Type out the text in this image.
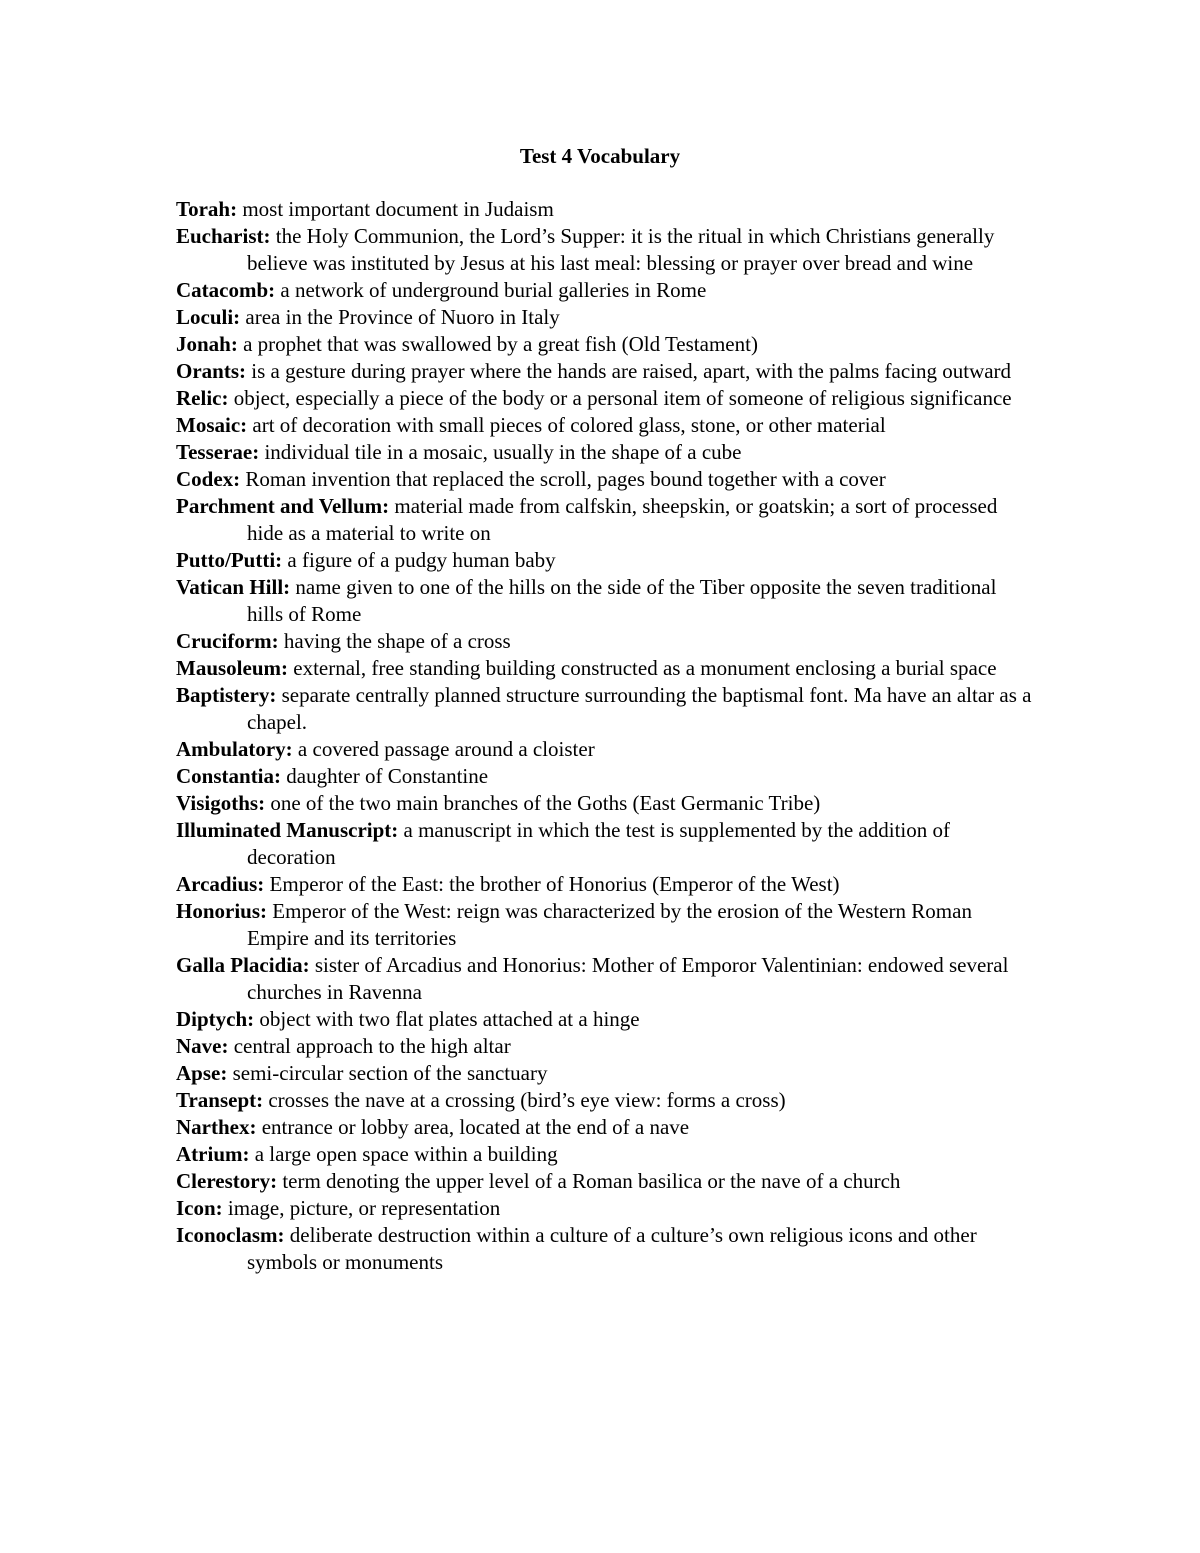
Test 4 Vocabulary
Torah: most important document in Judaism
Eucharist: the Holy Communion, the Lord’s Supper: it is the ritual in which Christians generally believe was instituted by Jesus at his last meal: blessing or prayer over bread and wine
Catacomb: a network of underground burial galleries in Rome
Loculi: area in the Province of Nuoro in Italy
Jonah: a prophet that was swallowed by a great fish (Old Testament)
Orants: is a gesture during prayer where the hands are raised, apart, with the palms facing outward
Relic: object, especially a piece of the body or a personal item of someone of religious significance
Mosaic: art of decoration with small pieces of colored glass, stone, or other material
Tesserae: individual tile in a mosaic, usually in the shape of a cube
Codex: Roman invention that replaced the scroll, pages bound together with a cover
Parchment and Vellum: material made from calfskin, sheepskin, or goatskin; a sort of processed hide as a material to write on
Putto/Putti: a figure of a pudgy human baby
Vatican Hill: name given to one of the hills on the side of the Tiber opposite the seven traditional hills of Rome
Cruciform: having the shape of a cross
Mausoleum: external, free standing building constructed as a monument enclosing a burial space
Baptistery: separate centrally planned structure surrounding the baptismal font. Ma have an altar as a chapel.
Ambulatory: a covered passage around a cloister
Constantia: daughter of Constantine
Visigoths: one of the two main branches of the Goths (East Germanic Tribe)
Illuminated Manuscript: a manuscript in which the test is supplemented by the addition of decoration
Arcadius: Emperor of the East: the brother of Honorius (Emperor of the West)
Honorius: Emperor of the West: reign was characterized by the erosion of the Western Roman Empire and its territories
Galla Placidia: sister of Arcadius and Honorius: Mother of Emporor Valentinian: endowed several churches in Ravenna
Diptych: object with two flat plates attached at a hinge
Nave: central approach to the high altar
Apse: semi-circular section of the sanctuary
Transept: crosses the nave at a crossing (bird’s eye view: forms a cross)
Narthex: entrance or lobby area, located at the end of a nave
Atrium: a large open space within a building
Clerestory: term denoting the upper level of a Roman basilica or the nave of a church
Icon: image, picture, or representation
Iconoclasm: deliberate destruction within a culture of a culture’s own religious icons and other symbols or monuments
